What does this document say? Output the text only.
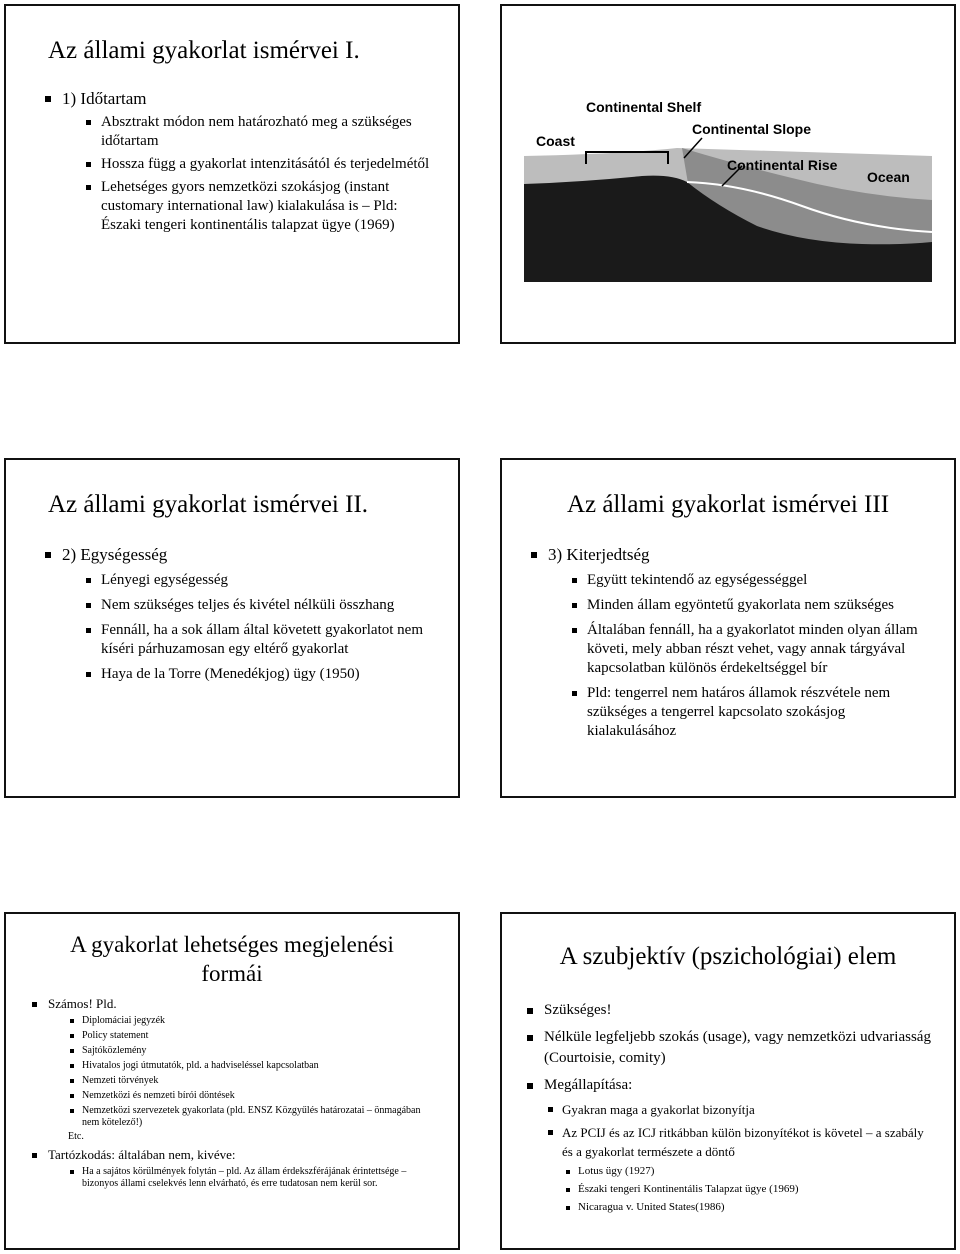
Az állami gyakorlat ismérvei I.
1) Időtartam
Absztrakt módon nem határozható meg a szükséges időtartam
Hossza függ a gyakorlat intenzitásától és terjedelmétől
Lehetséges gyors nemzetközi szokásjog (instant customary international law) kialakulása is – Pld: Északi tengeri kontinentális talapzat ügye (1969)
Continental Shelf
Coast
Continental Slope
Continental Rise
Ocean
Az állami gyakorlat ismérvei II.
2) Egységesség
Lényegi egységesség
Nem szükséges teljes és kivétel nélküli összhang
Fennáll, ha a sok állam által követett gyakorlatot nem kíséri párhuzamosan egy eltérő gyakorlat
Haya de la Torre (Menedékjog) ügy (1950)
Az állami gyakorlat ismérvei III
3) Kiterjedtség
Együtt tekintendő az egységességgel
Minden állam egyöntetű gyakorlata nem szükséges
Általában fennáll, ha a gyakorlatot minden olyan állam követi, mely abban részt vehet, vagy annak tárgyával kapcsolatban különös érdekeltséggel bír
Pld: tengerrel nem határos államok részvétele nem szükséges a tengerrel kapcsolato szokásjog kialakulásához
A gyakorlat lehetséges megjelenési
formái
Számos! Pld.
Diplomáciai jegyzék
Policy statement
Sajtóközlemény
Hivatalos jogi útmutatók, pld. a hadviseléssel kapcsolatban
Nemzeti törvények
Nemzetközi és nemzeti bírói döntések
Nemzetközi szervezetek gyakorlata (pld. ENSZ Közgyűlés határozatai – önmagában nem kötelező!)
Etc.
Tartózkodás: általában nem, kivéve:
Ha a sajátos körülmények folytán – pld. Az állam érdekszférájának érintettsége – bizonyos állami cselekvés lenn elvárható, és erre tudatosan nem kerül sor.
A szubjektív (pszichológiai) elem
Szükséges!
Nélküle legfeljebb szokás (usage), vagy nemzetközi udvariasság (Courtoisie, comity)
Megállapítása:
Gyakran maga a gyakorlat bizonyítja
Az PCIJ és az ICJ ritkábban külön bizonyítékot is követel – a szabály és a gyakorlat természete a döntő
Lotus ügy (1927)
Északi tengeri Kontinentális Talapzat ügye (1969)
Nicaragua v. United States(1986)
